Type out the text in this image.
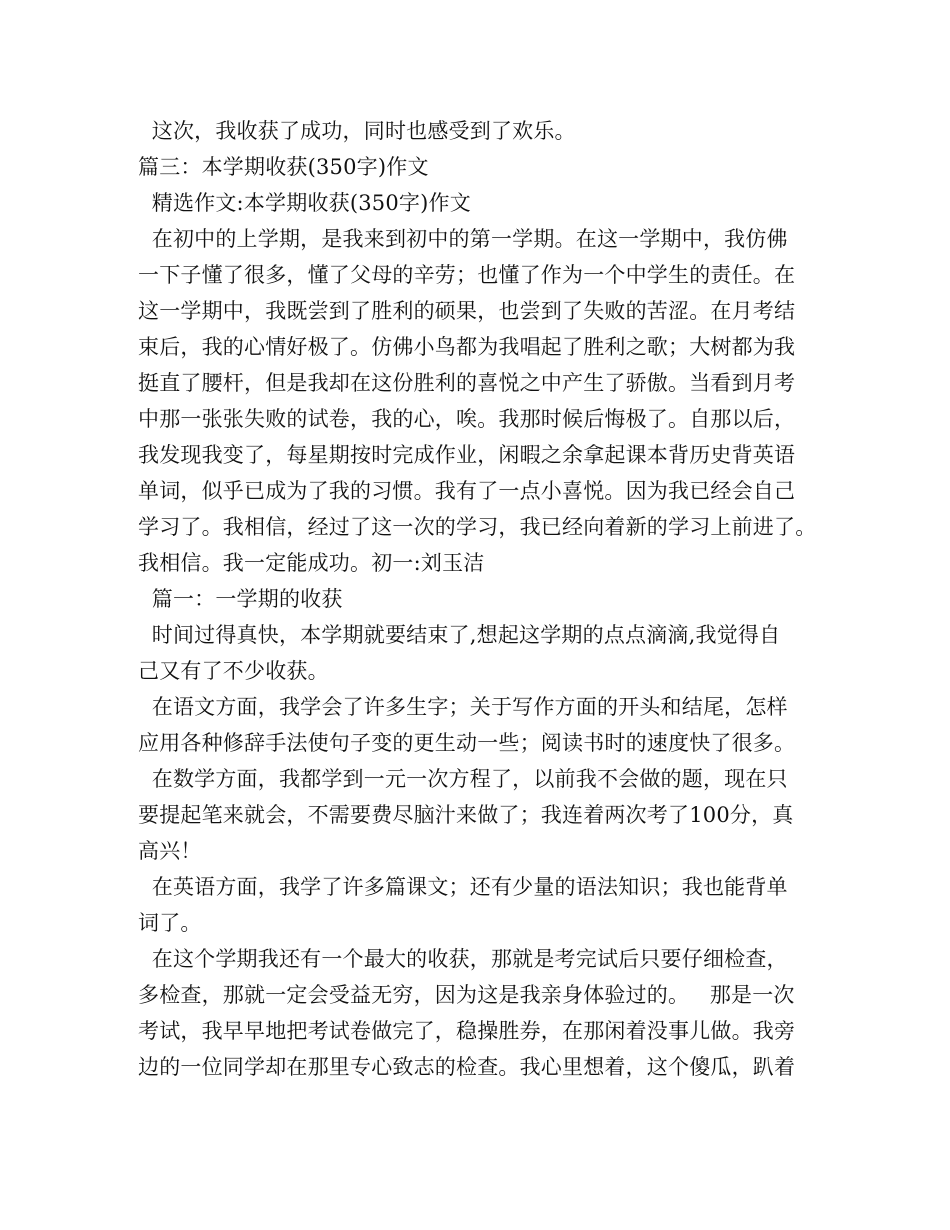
这次，我收获了成功，同时也感受到了欢乐。
篇三：本学期收获(350字)作文
精选作文:本学期收获(350字)作文
在初中的上学期，是我来到初中的第一学期。在这一学期中，我仿佛
一下子懂了很多，懂了父母的辛劳；也懂了作为一个中学生的责任。在
这一学期中，我既尝到了胜利的硕果，也尝到了失败的苦涩。在月考结
束后，我的心情好极了。仿佛小鸟都为我唱起了胜利之歌；大树都为我
挺直了腰杆，但是我却在这份胜利的喜悦之中产生了骄傲。当看到月考
中那一张张失败的试卷，我的心，唉。我那时候后悔极了。自那以后，
我发现我变了，每星期按时完成作业，闲暇之余拿起课本背历史背英语
单词，似乎已成为了我的习惯。我有了一点小喜悦。因为我已经会自己
学习了。我相信，经过了这一次的学习，我已经向着新的学习上前进了。
我相信。我一定能成功。初一:刘玉洁
篇一：一学期的收获
时间过得真快，本学期就要结束了,想起这学期的点点滴滴,我觉得自
己又有了不少收获。
在语文方面，我学会了许多生字；关于写作方面的开头和结尾，怎样
应用各种修辞手法使句子变的更生动一些；阅读书时的速度快了很多。
在数学方面，我都学到一元一次方程了，以前我不会做的题，现在只
要提起笔来就会，不需要费尽脑汁来做了；我连着两次考了100分，真
高兴！
在英语方面，我学了许多篇课文；还有少量的语法知识；我也能背单
词了。
在这个学期我还有一个最大的收获，那就是考完试后只要仔细检查，
多检查，那就一定会受益无穷，因为这是我亲身体验过的。   那是一次
考试，我早早地把考试卷做完了，稳操胜券，在那闲着没事儿做。我旁
边的一位同学却在那里专心致志的检查。我心里想着，这个傻瓜，趴着
